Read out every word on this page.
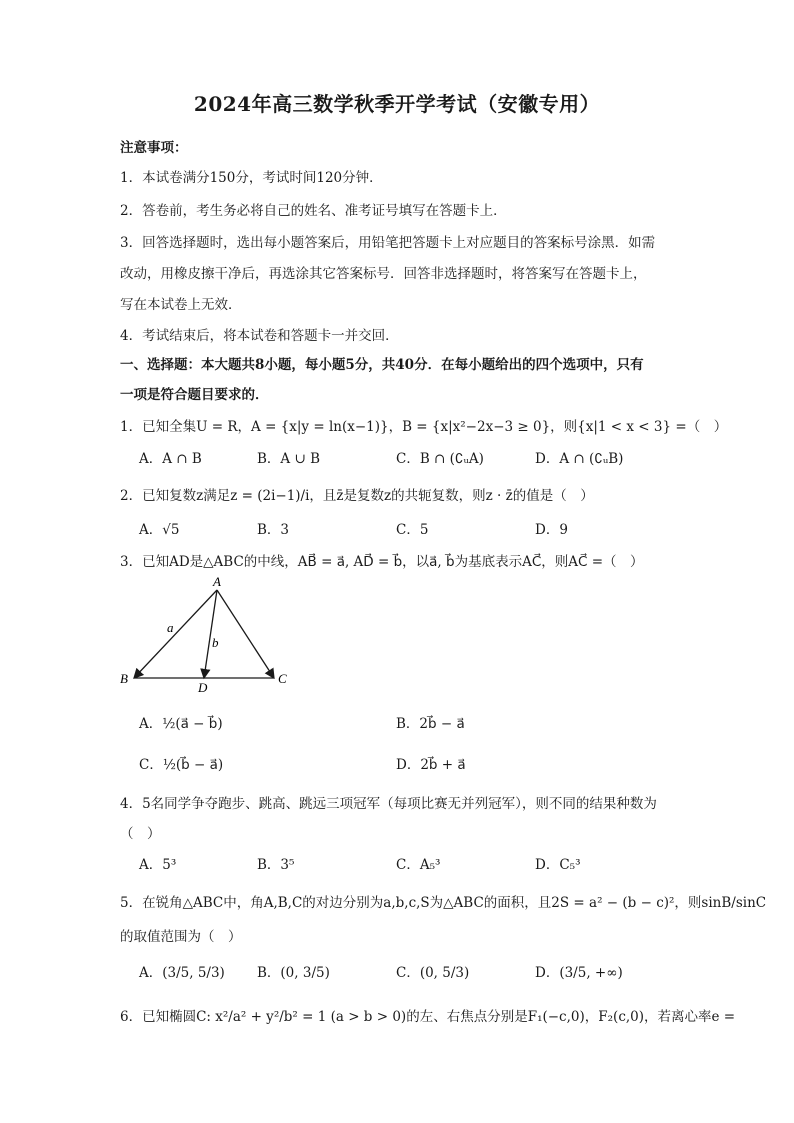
2024年高三数学秋季开学考试（安徽专用）
注意事项：
1．本试卷满分150分，考试时间120分钟．
2．答卷前，考生务必将自己的姓名、准考证号填写在答题卡上．
3．回答选择题时，选出每小题答案后，用铅笔把答题卡上对应题目的答案标号涂黑．如需
改动，用橡皮擦干净后，再选涂其它答案标号．回答非选择题时，将答案写在答题卡上，
写在本试卷上无效．
4．考试结束后，将本试卷和答题卡一并交回．
一、选择题：本大题共8小题，每小题5分，共40分．在每小题给出的四个选项中，只有
一项是符合题目要求的．
1．已知全集U = R，A = {x|y = ln(x−1)}，B = {x|x²−2x−3 ≥ 0}，则{x|1 < x < 3} =（　）
A．A ∩ B	B．A ∪ B	C．B ∩ (∁ᵤA)	D．A ∩ (∁ᵤB)
2．已知复数z满足z = (2i−1)/i，且z̄是复数z的共轭复数，则z · z̄的值是（　）
A．√5	B．3	C．5	D．9
3．已知AD是△ABC的中线，AB⃗ = a⃗, AD⃗ = b⃗，以a⃗, b⃗为基底表示AC⃗，则AC⃗ =（　）
A
B	C
D
a⃗
b⃗
A．½(a⃗ − b⃗)	B．2b⃗ − a⃗
C．½(b⃗ − a⃗)	D．2b⃗ + a⃗
4．5名同学争夺跑步、跳高、跳远三项冠军（每项比赛无并列冠军），则不同的结果种数为
（　）
A．5³	B．3⁵	C．A₅³	D．C₅³
5．在锐角△ABC中，角A,B,C的对边分别为a,b,c,S为△ABC的面积，且2S = a² − (b − c)²，则sinB/sinC
的取值范围为（　）
A．(3/5, 5/3) B．(0, 3/5)	C．(0, 5/3)	D．(3/5, +∞)
6．已知椭圆C: x²/a² + y²/b² = 1 (a > b > 0)的左、右焦点分别是F₁(−c,0)，F₂(c,0)，若离心率e =
